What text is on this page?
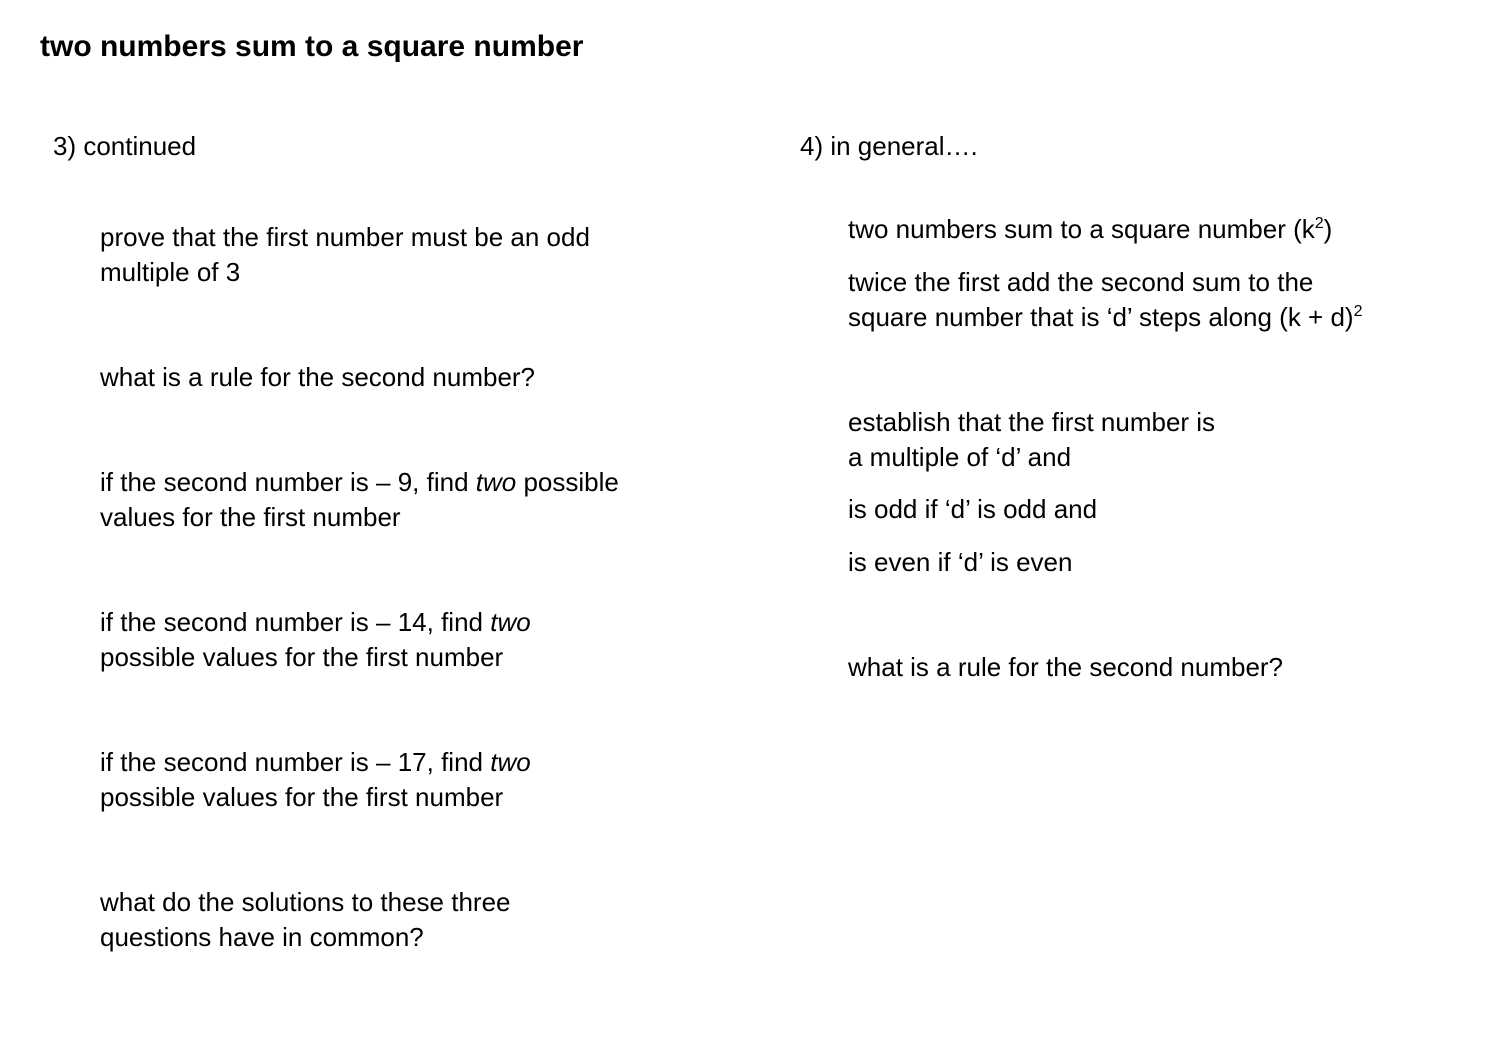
two numbers sum to a square number
3) continued
prove that the first number must be an odd
multiple of 3
what is a rule for the second number?
if the second number is – 9, find two possible
values for the first number
if the second number is – 14, find two
possible values for the first number
if the second number is – 17, find two
possible values for the first number
what do the solutions to these three
questions have in common?
4) in general….
two numbers sum to a square number $(k^2)$
twice the first add the second sum to the
square number that is ‘d’ steps along $(k + d)^2$
establish that the first number is
a multiple of ‘d’ and
is odd if ‘d’ is odd and
is even if ‘d’ is even
what is a rule for the second number?
